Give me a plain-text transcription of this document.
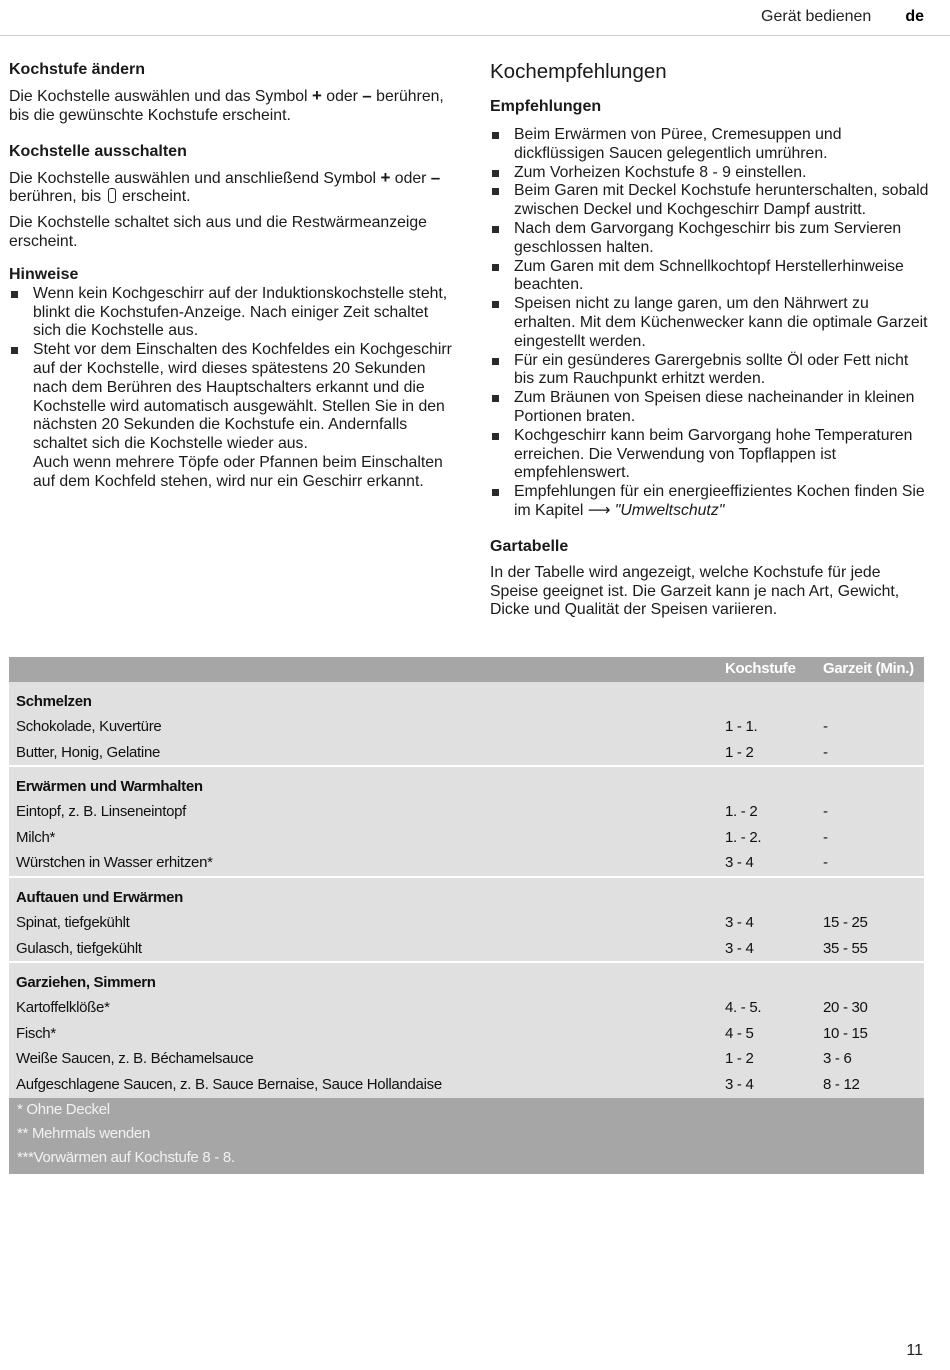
Gerät bedienen de
Kochstufe ändern

Die Kochstelle auswählen und das Symbol + oder – berühren, bis die gewünschte Kochstufe erscheint.

Kochstelle ausschalten

Die Kochstelle auswählen und anschließend Symbol + oder – berühren, bis erscheint.

Die Kochstelle schaltet sich aus und die Restwärmeanzeige erscheint.

Hinweise
Wenn kein Kochgeschirr auf der Induktionskochstelle steht, blinkt die Kochstufen-Anzeige. Nach einiger Zeit schaltet sich die Kochstelle aus.
Steht vor dem Einschalten des Kochfeldes ein Kochgeschirr auf der Kochstelle, wird dieses spätestens 20 Sekunden nach dem Berühren des Hauptschalters erkannt und die Kochstelle wird automatisch ausgewählt. Stellen Sie in den nächsten 20 Sekunden die Kochstufe ein. Andernfalls schaltet sich die Kochstelle wieder aus.

Auch wenn mehrere Töpfe oder Pfannen beim Einschalten auf dem Kochfeld stehen, wird nur ein Geschirr erkannt.

Kochempfehlungen
Empfehlungen
Beim Erwärmen von Püree, Cremesuppen und dickflüssigen Saucen gelegentlich umrühren.
Zum Vorheizen Kochstufe 8 - 9 einstellen.
Beim Garen mit Deckel Kochstufe herunterschalten, sobald zwischen Deckel und Kochgeschirr Dampf austritt.
Nach dem Garvorgang Kochgeschirr bis zum Servieren geschlossen halten.
Zum Garen mit dem Schnellkochtopf Herstellerhinweise beachten.
Speisen nicht zu lange garen, um den Nährwert zu erhalten. Mit dem Küchenwecker kann die optimale Garzeit eingestellt werden.
Für ein gesünderes Garergebnis sollte Öl oder Fett nicht bis zum Rauchpunkt erhitzt werden.
Zum Bräunen von Speisen diese nacheinander in kleinen Portionen braten.
Kochgeschirr kann beim Garvorgang hohe Temperaturen erreichen. Die Verwendung von Topflappen ist empfehlenswert.
Empfehlungen für ein energieeffizientes Kochen finden Sie im Kapitel ⟶ "Umweltschutz"
Gartabelle

In der Tabelle wird angezeigt, welche Kochstufe für jede Speise geeignet ist. Die Garzeit kann je nach Art, Gewicht, Dicke und Qualität der Speisen variieren.

Kochstufe Garzeit (Min.)
Schmelzen
Schokolade, Kuvertüre	1 - 1.	-
Butter, Honig, Gelatine	1 - 2	-
Erwärmen und Warmhalten
Eintopf, z. B. Linseneintopf	1. - 2	-
Milch*	1. - 2.	-
Würstchen in Wasser erhitzen*	3 - 4	-
Auftauen und Erwärmen
Spinat, tiefgekühlt	3 - 4	15 - 25
Gulasch, tiefgekühlt	3 - 4	35 - 55
Garziehen, Simmern
Kartoffelklöße*	4. - 5.	20 - 30
Fisch*	4 - 5	10 - 15
Weiße Saucen, z. B. Béchamelsauce	1 - 2	3 - 6
Aufgeschlagene Saucen, z. B. Sauce Bernaise, Sauce Hollandaise	3 - 4	8 - 12
* Ohne Deckel
** Mehrmals wenden
***Vorwärmen auf Kochstufe 8 - 8.
11
